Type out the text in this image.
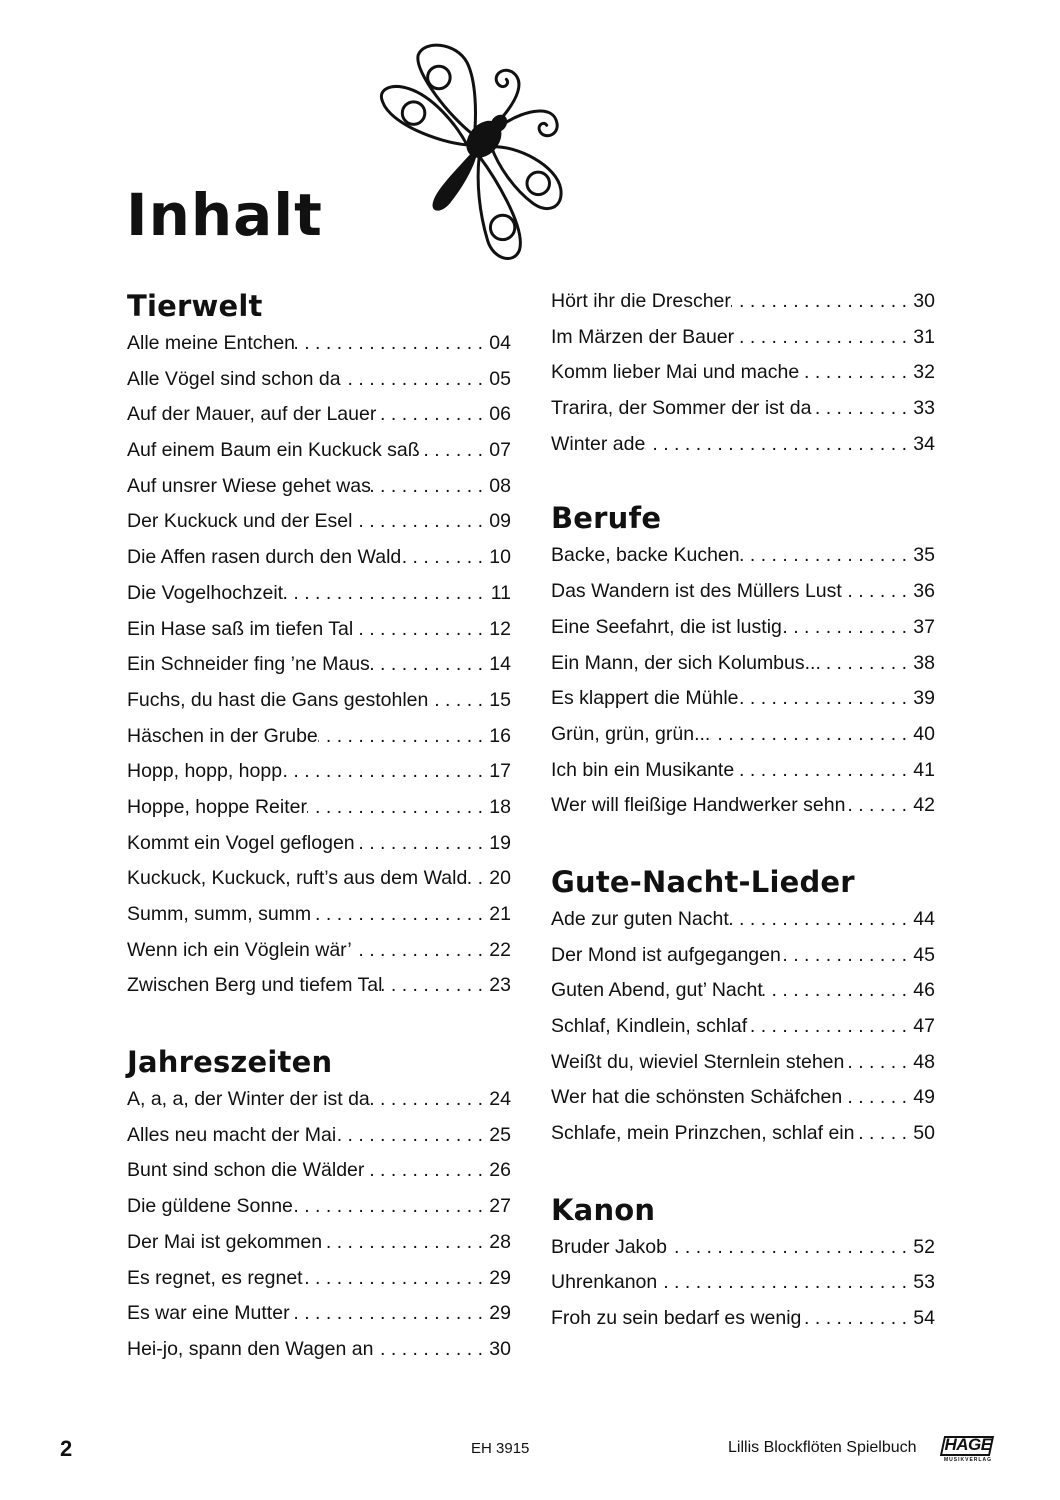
Inhalt
Tierwelt
Alle meine Entchen . . .	04
Alle Vögel sind schon da . . .	05
Auf der Mauer, auf der Lauer . . .	06
Auf einem Baum ein Kuckuck saß . . .	07
Auf unsrer Wiese gehet was . . .	08
Der Kuckuck und der Esel . . .	09
Die Affen rasen durch den Wald . . .	10
Die Vogelhochzeit . . .	11
Ein Hase saß im tiefen Tal . . .	12
Ein Schneider fing ’ne Maus . . .	14
Fuchs, du hast die Gans gestohlen . . .	15
Häschen in der Grube . . .	16
Hopp, hopp, hopp . . .	17
Hoppe, hoppe Reiter . . .	18
Kommt ein Vogel geflogen . . .	19
Kuckuck, Kuckuck, ruft’s aus dem Wald . . . 20
Summ, summ, summ . . .	21
Wenn ich ein Vöglein wär’ . . .	22
Zwischen Berg und tiefem Tal . . .	23
Jahreszeiten
A, a, a, der Winter der ist da . . .	24
Alles neu macht der Mai . . .	25
Bunt sind schon die Wälder . . .	26
Die güldene Sonne . . .	27
Der Mai ist gekommen . . .	28
Es regnet, es regnet . . .	29
Es war eine Mutter . . .	29
Hei-jo, spann den Wagen an . . .	30
Hört ihr die Drescher . . .	30
Im Märzen der Bauer . . .	31
Komm lieber Mai und mache . . .	32
Trarira, der Sommer der ist da . . .	33
Winter ade . . .	34
Berufe
Backe, backe Kuchen . . .	35
Das Wandern ist des Müllers Lust . . .	36
Eine Seefahrt, die ist lustig . . .	37
Ein Mann, der sich Kolumbus... . . .	38
Es klappert die Mühle . . .	39
Grün, grün, grün... . . .	40
Ich bin ein Musikante . . .	41
Wer will fleißige Handwerker sehn . . .	42
Gute-Nacht-Lieder
Ade zur guten Nacht . . .	44
Der Mond ist aufgegangen . . .	45
Guten Abend, gut’ Nacht . . .	46
Schlaf, Kindlein, schlaf . . .	47
Weißt du, wieviel Sternlein stehen . . .	48
Wer hat die schönsten Schäfchen . . .	49
Schlafe, mein Prinzchen, schlaf ein . . .	50
Kanon
Bruder Jakob . . .	52
Uhrenkanon . . .	53
Froh zu sein bedarf es wenig . . .	54
2	EH 3915	Lillis Blockflöten Spielbuch HAGE
MUSIKVERLAG
